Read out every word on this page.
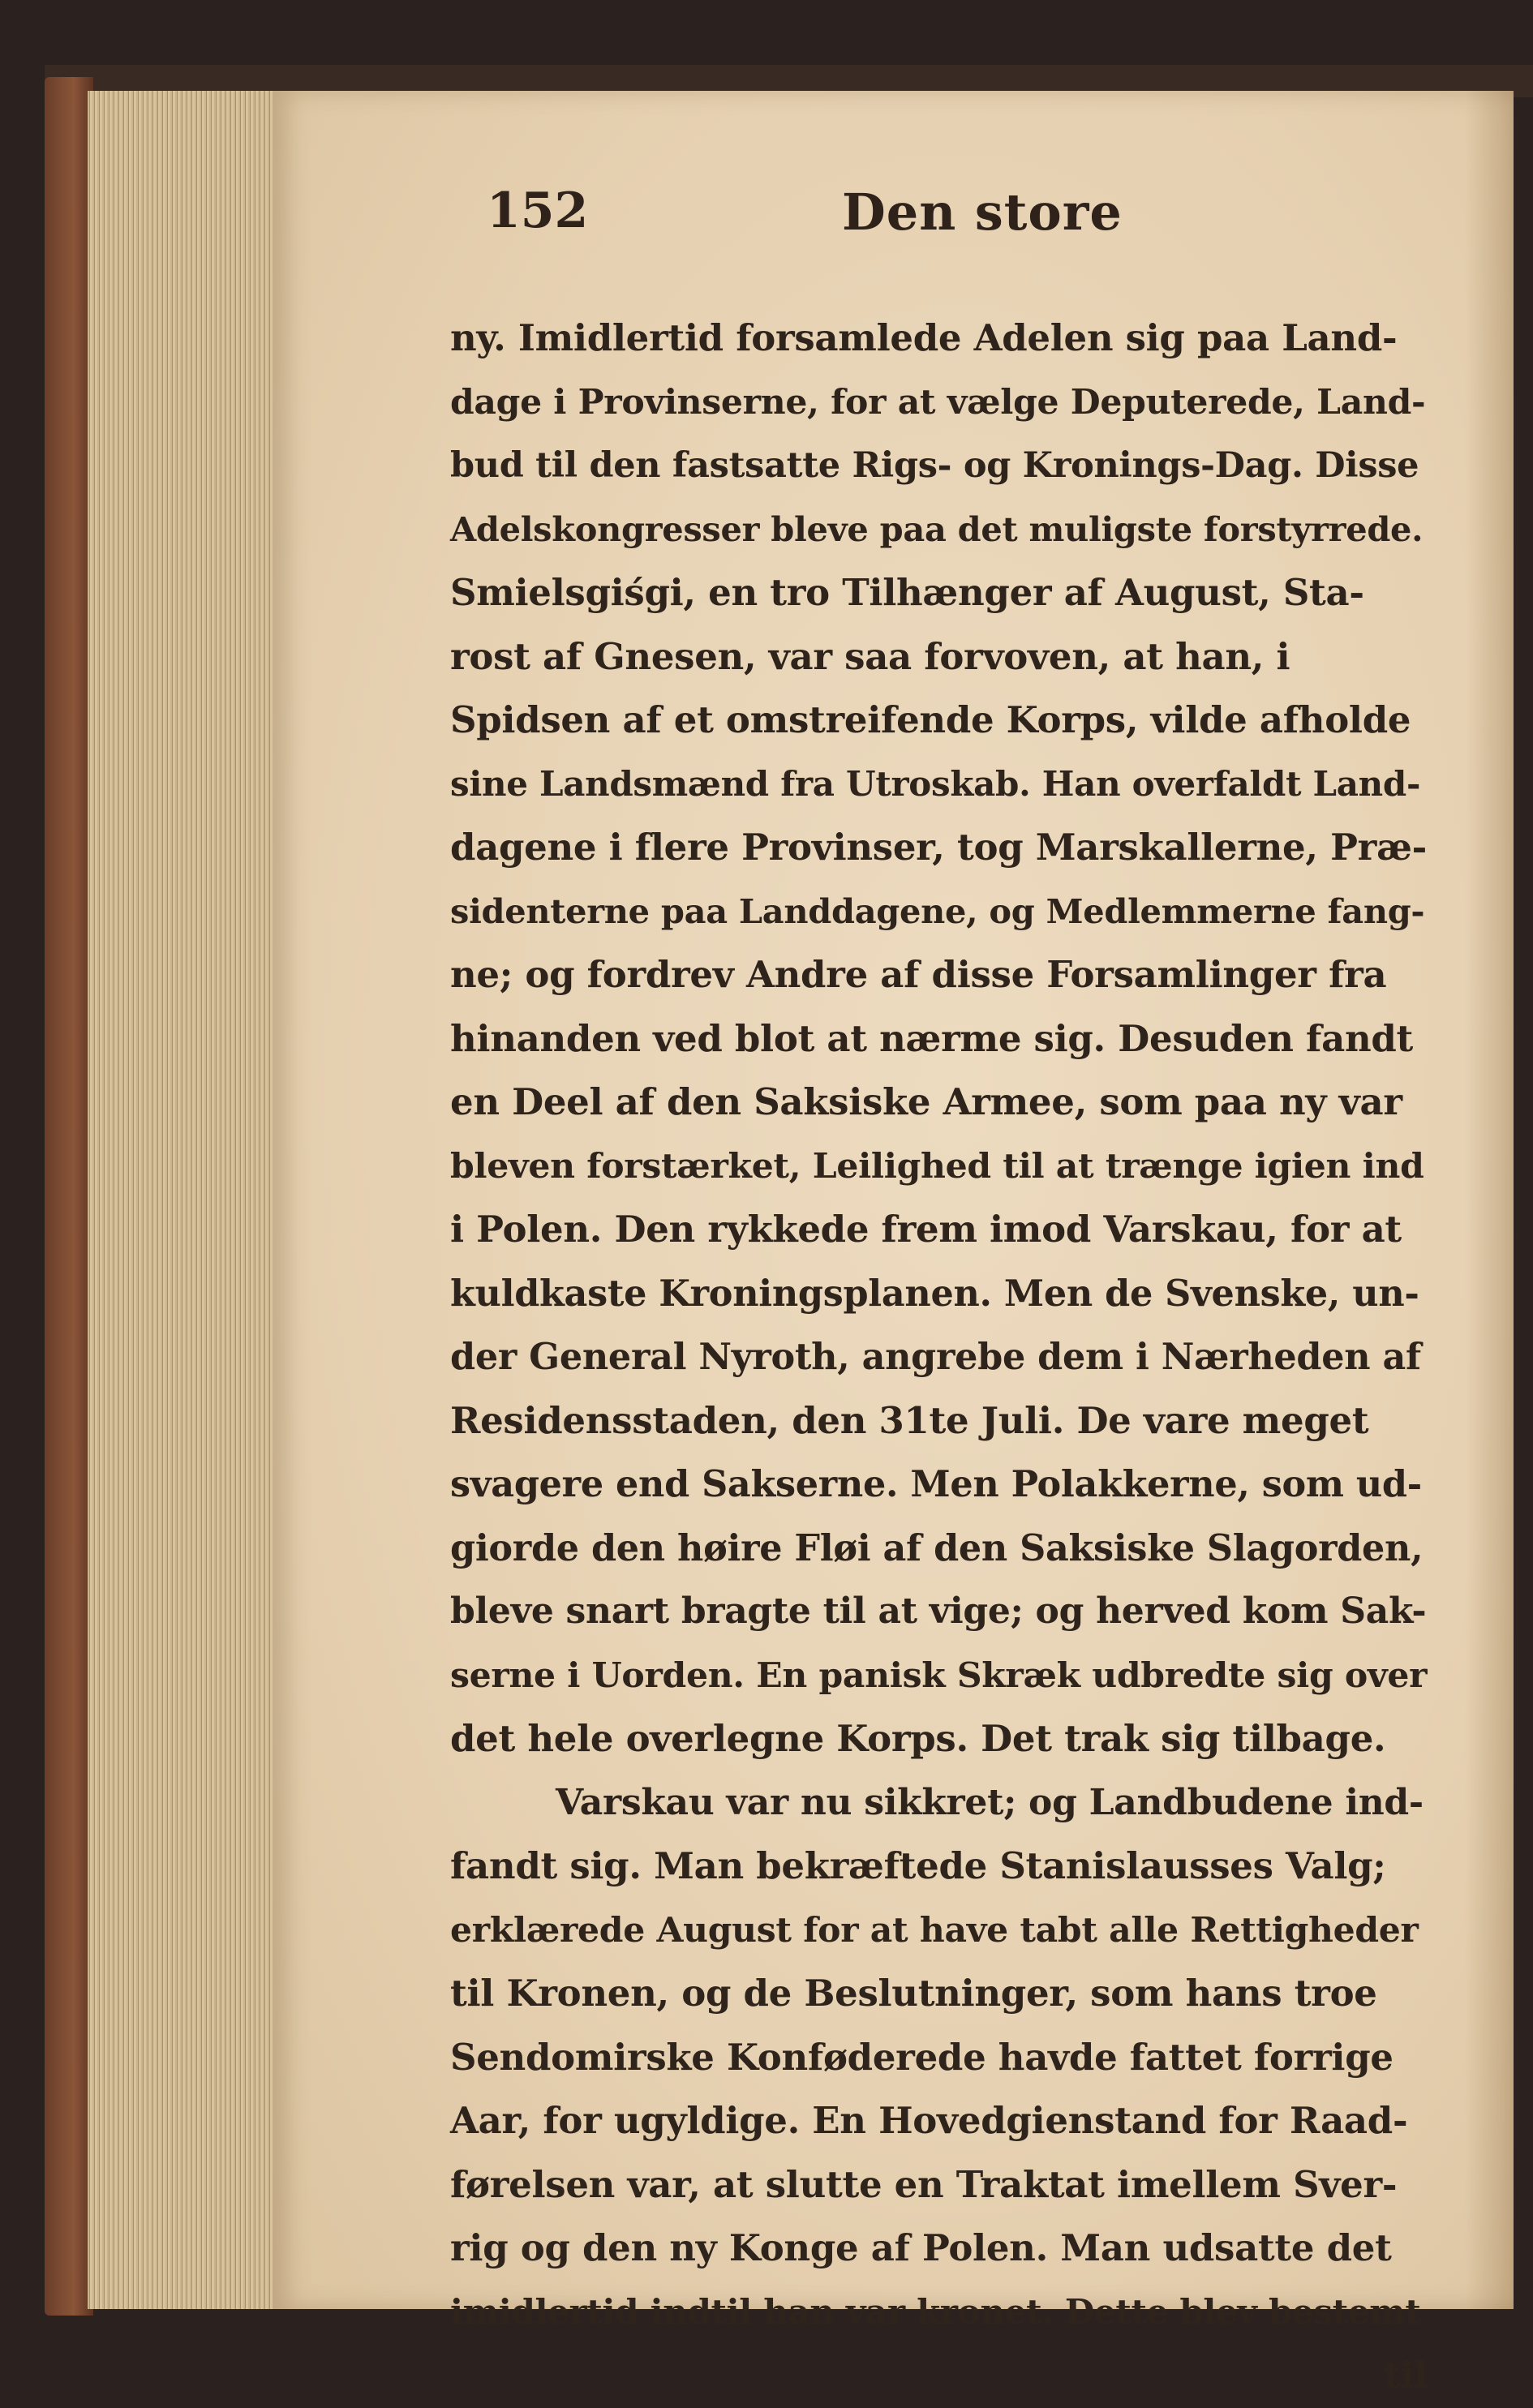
152	Den store
ny. Imidlertid forsamlede Adelen sig paa Land-
dage i Provinserne, for at vælge Deputerede, Land-
bud til den fastsatte Rigs- og Kronings-Dag. Disse
Adelskongresser bleve paa det muligste forstyrrede.
Smielsgiśgi, en tro Tilhænger af August, Sta-
rost af Gnesen, var saa forvoven, at han, i
Spidsen af et omstreifende Korps, vilde afholde
sine Landsmænd fra Utroskab. Han overfaldt Land-
dagene i flere Provinser, tog Marskallerne, Præ-
sidenterne paa Landdagene, og Medlemmerne fang-
ne; og fordrev Andre af disse Forsamlinger fra
hinanden ved blot at nærme sig. Desuden fandt
en Deel af den Saksiske Armee, som paa ny var
bleven forstærket, Leilighed til at trænge igien ind
i Polen. Den rykkede frem imod Varskau, for at
kuldkaste Kroningsplanen. Men de Svenske, un-
der General Nyroth, angrebe dem i Nærheden af
Residensstaden, den 31te Juli. De vare meget
svagere end Sakserne. Men Polakkerne, som ud-
giorde den høire Fløi af den Saksiske Slagorden,
bleve snart bragte til at vige; og herved kom Sak-
serne i Uorden. En panisk Skræk udbredte sig over
det hele overlegne Korps. Det trak sig tilbage.
Varskau var nu sikkret; og Landbudene ind-
fandt sig. Man bekræftede Stanislausses Valg;
erklærede August for at have tabt alle Rettigheder
til Kronen, og de Beslutninger, som hans troe
Sendomirske Konføderede havde fattet forrige
Aar, for ugyldige. En Hovedgienstand for Raad-
førelsen var, at slutte en Traktat imellem Sver-
rig og den ny Konge af Polen. Man udsatte det
imidlertid indtil han var kronet. Dette blev bestemt
til
